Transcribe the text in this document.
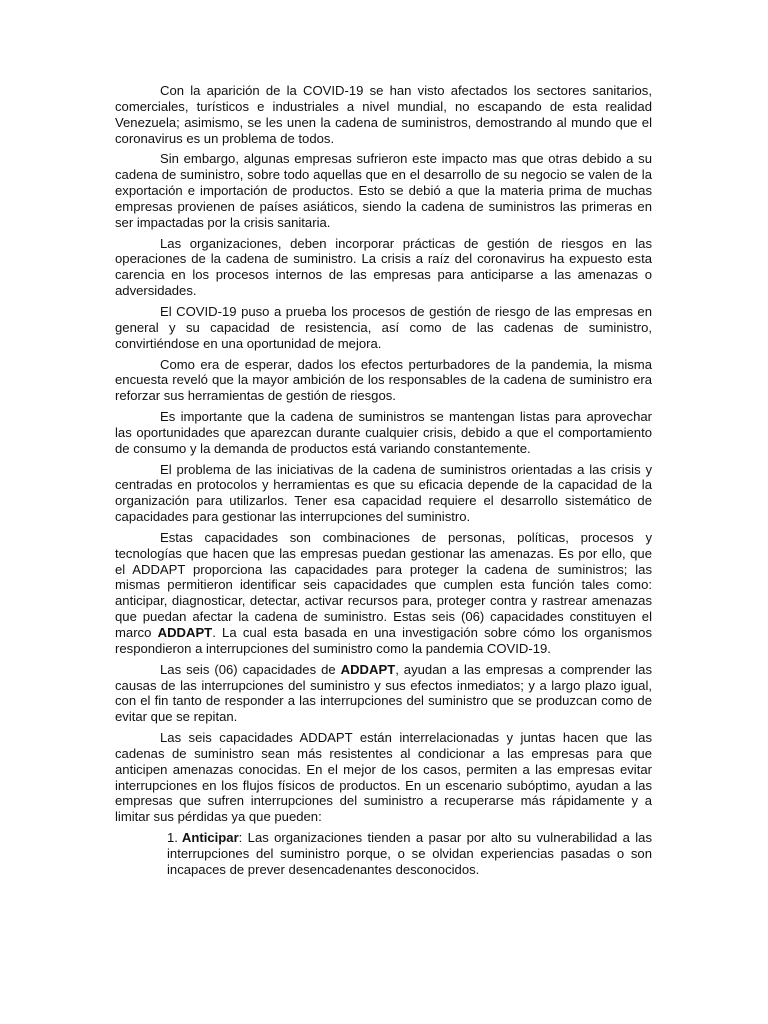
Con la aparición de la COVID-19 se han visto afectados los sectores sanitarios, comerciales, turísticos e industriales a nivel mundial, no escapando de esta realidad Venezuela; asimismo, se les unen la cadena de suministros, demostrando al mundo que el coronavirus es un problema de todos.

Sin embargo, algunas empresas sufrieron este impacto mas que otras debido a su cadena de suministro, sobre todo aquellas que en el desarrollo de su negocio se valen de la exportación e importación de productos. Esto se debió a que la materia prima de muchas empresas provienen de países asiáticos, siendo la cadena de suministros las primeras en ser impactadas por la crisis sanitaria.

Las organizaciones, deben incorporar prácticas de gestión de riesgos en las operaciones de la cadena de suministro. La crisis a raíz del coronavirus ha expuesto esta carencia en los procesos internos de las empresas para anticiparse a las amenazas o adversidades.

El COVID-19 puso a prueba los procesos de gestión de riesgo de las empresas en general y su capacidad de resistencia, así como de las cadenas de suministro, convirtiéndose en una oportunidad de mejora.

Como era de esperar, dados los efectos perturbadores de la pandemia, la misma encuesta reveló que la mayor ambición de los responsables de la cadena de suministro era reforzar sus herramientas de gestión de riesgos.

Es importante que la cadena de suministros se mantengan listas para aprovechar las oportunidades que aparezcan durante cualquier crisis, debido a que el comportamiento de consumo y la demanda de productos está variando constantemente.

El problema de las iniciativas de la cadena de suministros orientadas a las crisis y centradas en protocolos y herramientas es que su eficacia depende de la capacidad de la organización para utilizarlos. Tener esa capacidad requiere el desarrollo sistemático de capacidades para gestionar las interrupciones del suministro.

Estas capacidades son combinaciones de personas, políticas, procesos y tecnologías que hacen que las empresas puedan gestionar las amenazas. Es por ello, que el ADDAPT proporciona las capacidades para proteger la cadena de suministros; las mismas permitieron identificar seis capacidades que cumplen esta función tales como: anticipar, diagnosticar, detectar, activar recursos para, proteger contra y rastrear amenazas que puedan afectar la cadena de suministro. Estas seis (06) capacidades constituyen el marco ADDAPT. La cual esta basada en una investigación sobre cómo los organismos respondieron a interrupciones del suministro como la pandemia COVID-19.

Las seis (06) capacidades de ADDAPT, ayudan a las empresas a comprender las causas de las interrupciones del suministro y sus efectos inmediatos; y a largo plazo igual, con el fin tanto de responder a las interrupciones del suministro que se produzcan como de evitar que se repitan.

Las seis capacidades ADDAPT están interrelacionadas y juntas hacen que las cadenas de suministro sean más resistentes al condicionar a las empresas para que anticipen amenazas conocidas. En el mejor de los casos, permiten a las empresas evitar interrupciones en los flujos físicos de productos. En un escenario subóptimo, ayudan a las empresas que sufren interrupciones del suministro a recuperarse más rápidamente y a limitar sus pérdidas ya que pueden:

1. Anticipar: Las organizaciones tienden a pasar por alto su vulnerabilidad a las interrupciones del suministro porque, o se olvidan experiencias pasadas o son incapaces de prever desencadenantes desconocidos.
